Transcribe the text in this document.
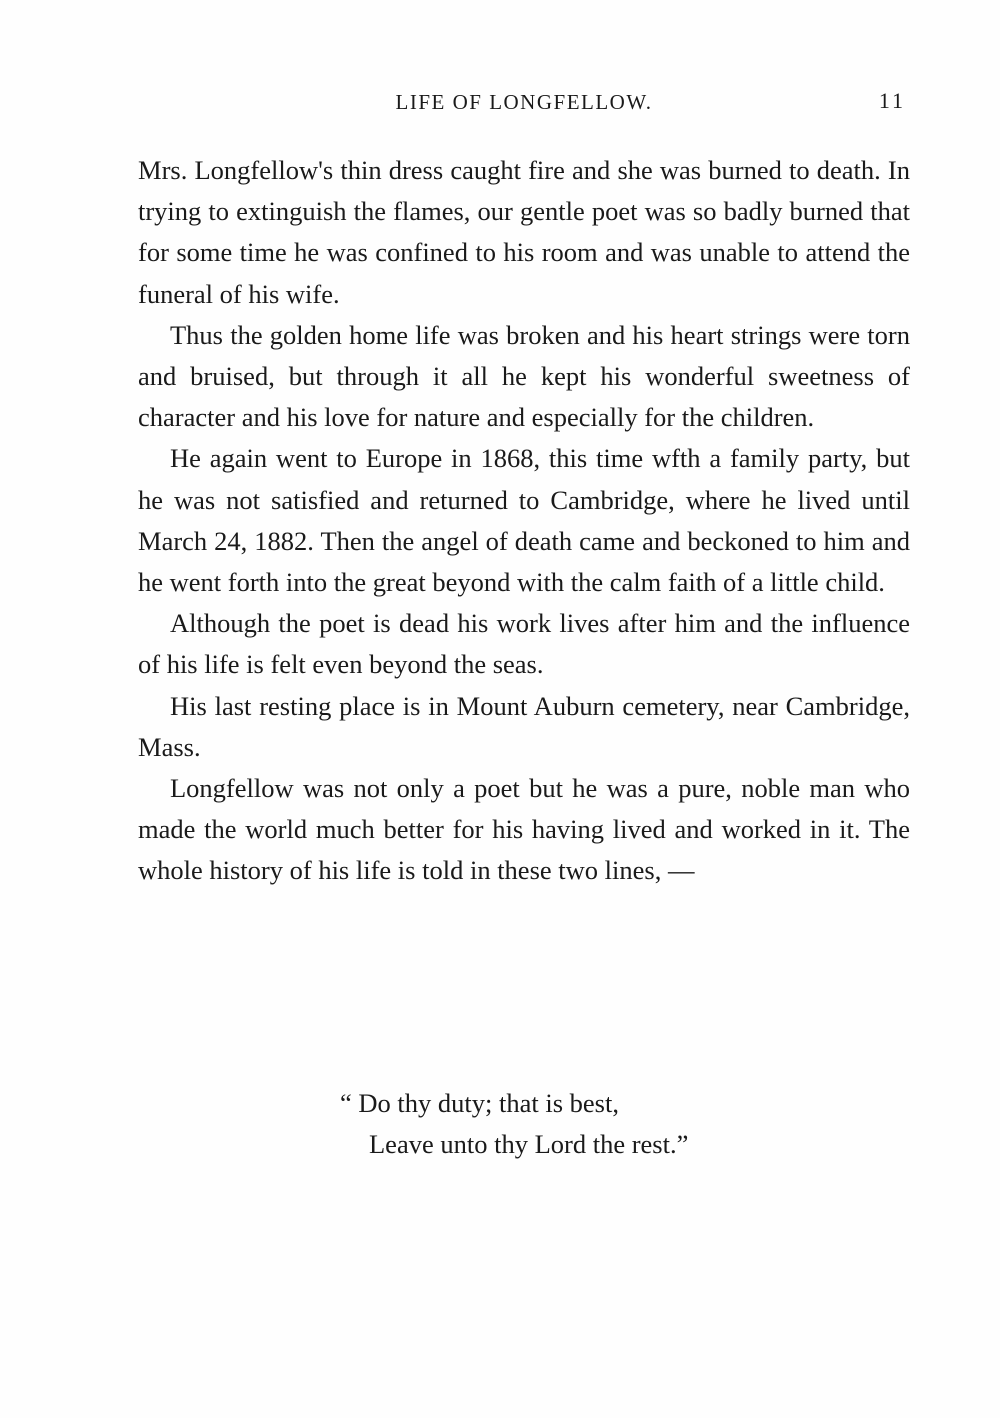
LIFE OF LONGFELLOW.	11

Mrs. Longfellow's thin dress caught fire and she was burned to death. In trying to extinguish the flames, our gentle poet was so badly burned that for some time he was confined to his room and was unable to attend the funeral of his wife.

Thus the golden home life was broken and his heart strings were torn and bruised, but through it all he kept his wonderful sweetness of character and his love for nature and especially for the children.

He again went to Europe in 1868, this time wfth a family party, but he was not satisfied and returned to Cambridge, where he lived until March 24, 1882. Then the angel of death came and beckoned to him and he went forth into the great beyond with the calm faith of a little child.

Although the poet is dead his work lives after him and the influence of his life is felt even beyond the seas.

His last resting place is in Mount Auburn cemetery, near Cambridge, Mass.

Longfellow was not only a poet but he was a pure, noble man who made the world much better for his having lived and worked in it. The whole history of his life is told in these two lines, —

“ Do thy duty; that is best,
Leave unto thy Lord the rest.”
